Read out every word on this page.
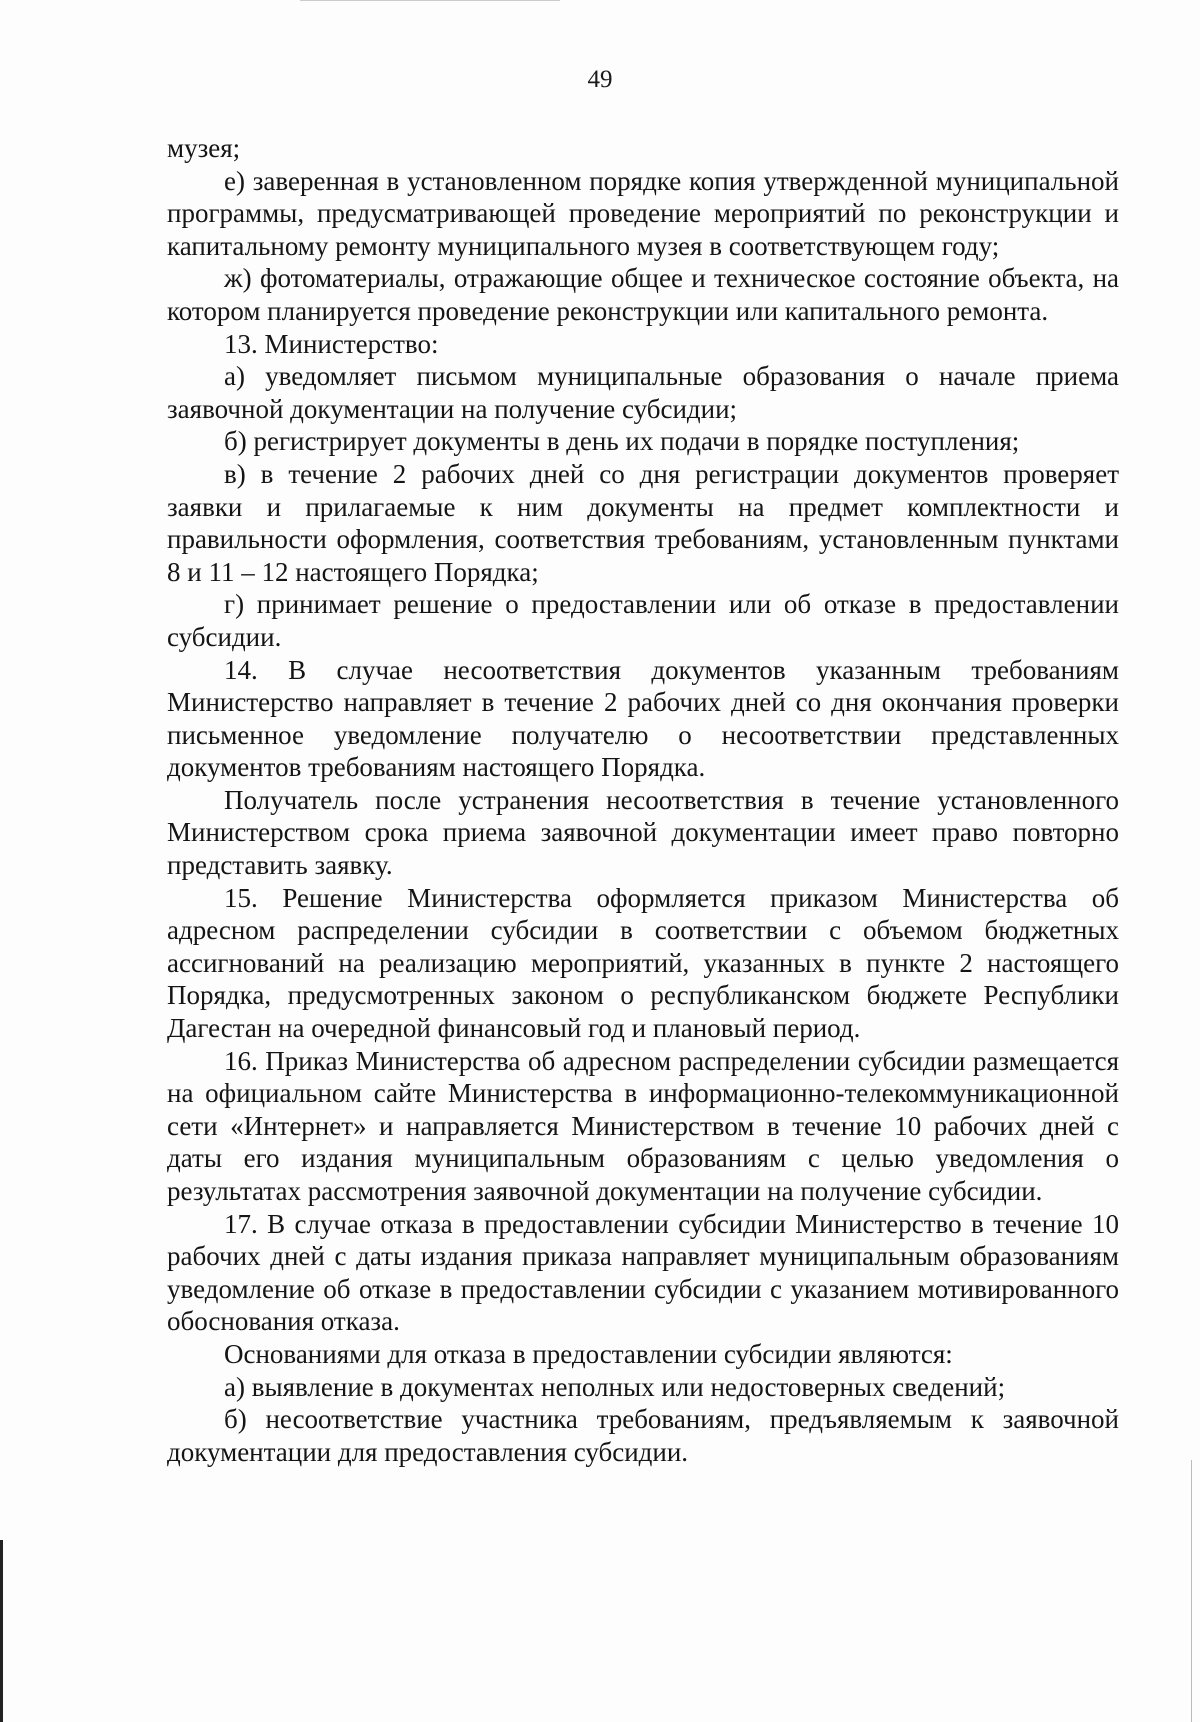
49

музея;

е) заверенная в установленном порядке копия утвержденной муниципальной программы, предусматривающей проведение мероприятий по реконструкции и капитальному ремонту муниципального музея в соответствующем году;

ж) фотоматериалы, отражающие общее и техническое состояние объекта, на котором планируется проведение реконструкции или капитального ремонта.

13. Министерство:

а) уведомляет письмом муниципальные образования о начале приема заявочной документации на получение субсидии;

б) регистрирует документы в день их подачи в порядке поступления;

в) в течение 2 рабочих дней со дня регистрации документов проверяет заявки и прилагаемые к ним документы на предмет комплектности и правильности оформления, соответствия требованиям, установленным пунктами 8 и 11 – 12 настоящего Порядка;

г) принимает решение о предоставлении или об отказе в предоставлении субсидии.

14. В случае несоответствия документов указанным требованиям Министерство направляет в течение 2 рабочих дней со дня окончания проверки письменное уведомление получателю о несоответствии представленных документов требованиям настоящего Порядка.

Получатель после устранения несоответствия в течение установленного Министерством срока приема заявочной документации имеет право повторно представить заявку.

15. Решение Министерства оформляется приказом Министерства об адресном распределении субсидии в соответствии с объемом бюджетных ассигнований на реализацию мероприятий, указанных в пункте 2 настоящего Порядка, предусмотренных законом о республиканском бюджете Республики Дагестан на очередной финансовый год и плановый период.

16. Приказ Министерства об адресном распределении субсидии размещается на официальном сайте Министерства в информационно-телекоммуникационной сети «Интернет» и направляется Министерством в течение 10 рабочих дней с даты его издания муниципальным образованиям с целью уведомления о результатах рассмотрения заявочной документации на получение субсидии.

17. В случае отказа в предоставлении субсидии Министерство в течение 10 рабочих дней с даты издания приказа направляет муниципальным образованиям уведомление об отказе в предоставлении субсидии с указанием мотивированного обоснования отказа.

Основаниями для отказа в предоставлении субсидии являются:

а) выявление в документах неполных или недостоверных сведений;

б) несоответствие участника требованиям, предъявляемым к заявочной документации для предоставления субсидии.
